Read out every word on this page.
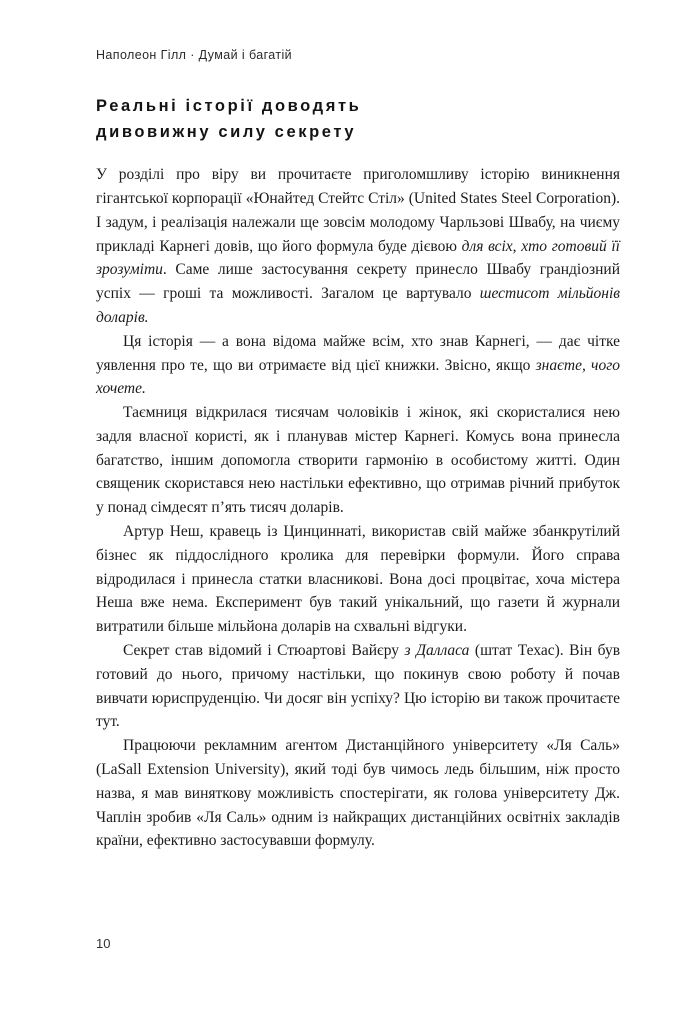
Наполеон Гілл · Думай і багатій
Реальні історії доводять
дивовижну силу секрету

У розділі про віру ви прочитаєте приголомшливу історію виникнення гігантської корпорації «Юнайтед Стейтс Стіл» (United States Steel Corporation). І задум, і реалізація належали ще зовсім молодому Чарльзові Швабу, на чиєму прикладі Карнегі довів, що його формула буде дієвою для всіх, хто готовий її зрозуміти. Саме лише застосування секрету принесло Швабу грандіозний успіх — гроші та можливості. Загалом це вартувало шестисот мільйонів доларів.

Ця історія — а вона відома майже всім, хто знав Карнегі, — дає чітке уявлення про те, що ви отримаєте від цієї книжки. Звісно, якщо знаєте, чого хочете.

Таємниця відкрилася тисячам чоловіків і жінок, які скористалися нею задля власної користі, як і планував містер Карнегі. Комусь вона принесла багатство, іншим допомогла створити гармонію в особистому житті. Один священик скористався нею настільки ефективно, що отримав річний прибуток у понад сімдесят п’ять тисяч доларів.

Артур Неш, кравець із Цинциннаті, використав свій майже збанкрутілий бізнес як піддослідного кролика для перевірки формули. Його справа відродилася і принесла статки власникові. Вона досі процвітає, хоча містера Неша вже нема. Експеримент був такий унікальний, що газети й журнали витратили більше мільйона доларів на схвальні відгуки.

Секрет став відомий і Стюартові Вайєру з Далласа (штат Техас). Він був готовий до нього, причому настільки, що покинув свою роботу й почав вивчати юриспруденцію. Чи досяг він успіху? Цю історію ви також прочитаєте тут.

Працюючи рекламним агентом Дистанційного університету «Ля Саль» (LaSall Extension University), який тоді був чимось ледь більшим, ніж просто назва, я мав виняткову можливість спостерігати, як голова університету Дж. Чаплін зробив «Ля Саль» одним із найкращих дистанційних освітніх закладів країни, ефективно застосувавши формулу.

10
